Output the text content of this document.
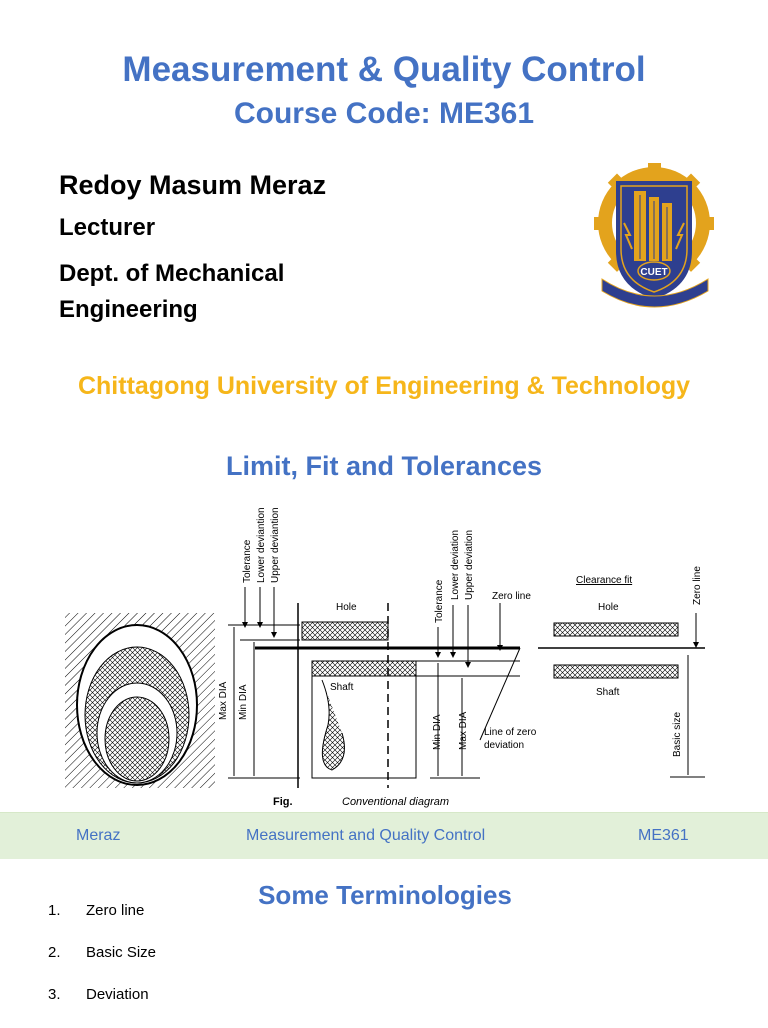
Measurement & Quality Control
Course Code: ME361
Redoy Masum Meraz
Lecturer
Dept. of Mechanical Engineering
CUET
Chittagong University of Engineering & Technology
Limit, Fit and Tolerances
Tolerance Lower deviantion Upper deviantion
Max DIA Min DIA
Hole
Shaft
Tolerance
Lower deviation Upper deviation Zero line
Min DIA Max DIA Line of zero
deviation
Clearance fit
Hole
Shaft
Zero line
Basic size
Fig.	Conventional diagram
Meraz	Measurement and Quality Control	ME361
Some Terminologies
1. Zero line
2. Basic Size
3. Deviation
